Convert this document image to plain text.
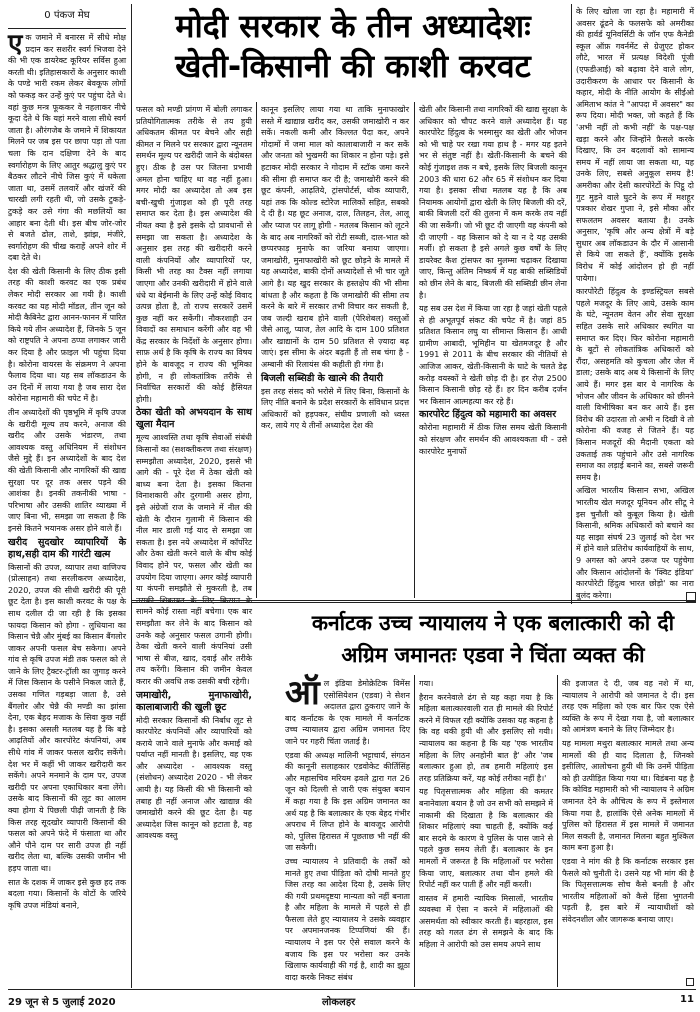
0 पंकज मेघ	मोदी सरकार के तीन अध्यादेशः
खेती-किसानी की काशी करवट

एक जमाने में बनारस में सीधे मोक्ष प्रदान कर सशरीर स्वर्ग भिजवा देने की भी एक डायरेक्ट कूरियर सर्विस हुआ करती थी। इतिहासकारों के अनुसार काशी के पण्डे भारी रकम लेकर बेवकूफ लोगों को फकड़ कर उन्हें कुएं पर पहुंचा देते थे। वहां कुछ मन्त्र फूककर वे नहलाकर नीचे कूदा देते थे कि यहां मरने वाला सीधे स्वर्ग जाता है। औरंगजेब के जमाने में शिकायत मिलने पर जब इस पर छापा पड़ा तो पता चला कि दान दक्षिणा देने के बाद स्वर्गारोहण के लिए आतुर श्रद्धालु कुएं पर बैठकर लौटने नीचे जिस कुएं में धकेला जाता था, उसमें तलवारें और खंजरें की चारखी लगी रहती थी, जो उसके टुकड़े-टुकड़े कर उसे गंगा की मछलियों का आहार बना देती थी। इस बीच जोर-जोर से बजते ढोल, ताशे, झांझ, मंजीरे, स्वर्गारोहण की चीख कराहें अपने शोर में दबा देते थे।

देश की खेती किसानी के लिए ठीक इसी तरह की काशी करवट का एक प्रबंध लेकर मोदी सरकार आ गयी है। काशी करवट का यह मोदी मॉडल, तीन जून को मोदी कैबिनेट द्वारा आनन-फानन में पारित किये गये तीन अध्यादेश हैं, जिनके 5 जून को राष्ट्रपति ने अपना ठप्पा लगाकर जारी कर दिया है और फ़ाइल भी पहुंचा दिया है। कोरोना वायरस के संक्रमण ने अपना फैलाव दिया था। यह सब लॉकडाउन के उन दिनों में लाया गया है जब सारा देश कोरोना महामारी की चपेट में है।

तीन अध्यादेशों की पृष्ठभूमि में कृषि उपज के खरीदी मूल्य तय करने, अनाज की खरीद और उसके भंडारण, तथा आवश्यक वस्तु अधिनियम में संशोधन जैसे मुद्दे हैं। इन अध्यादेशों के बाद देश की खेती किसानी और नागरिकों की खाद्य सुरक्षा पर दूर तक असर पड़ने की आशंका है। इनकी तकनीकी भाषा - परिभाषा और उसकी शातिर व्याख्या में जाए बिना भी, समझा जा सकता है कि इनसे कितने भयानक असर होने वाले हैं।

खरीद सुदखोर व्यापारियों के हाथ,सही दाम की गारंटी खत्म

किसानों की उपज, व्यापार तथा वाणिज्य (प्रोत्साहन) तथा सरलीकरण अध्यादेश, 2020, उपज की सीधी खरीदी की पूरी छूट देता है। इस काशी करवट के पक्ष के साथ दलील दी जा रही है कि इसका फायदा किसान को होगा - लुधियाना का किसान चेन्नै और मुंबई का किसान बैंगलोर जाकर अपनी फसल बेच सकेगा। अपने गांव से कृषि उपज मंडी तक फसल को ले जाने के लिए ट्रैक्टर-ट्रॉली का जुगाड़ करने में जिस किसान के पसीने निकल जाते हैं, उसका गणित गड़बड़ा जाता है, उसे बैंगलोर और चेन्नै की मण्डी का झांसा देना, एक बेहद मजाक के सिवा कुछ नहीं है। इसका असली मतलब यह है कि बड़े आढ़तियों और कारपोरेट कंपनियां, अब सीधे गांव में जाकर फसल खरीद सकेंगे। देश भर में कहीं भी जाकर खरीदारी कर सकेंगे। अपने मनमाने के दाम पर, उपज खरीदी पर अपना एकाधिकार बना लेंगे। उसके बाद किसानों की लूट का आलम क्या होगा ये पिछली पीढ़ी जानती है कि किस तरह सूदखोर व्यापारी किसानों की फसल को अपने फंदे में फंसाता था और औने पौने दाम पर सारी उपज ही नहीं खरीद लेता था, बल्कि उसकी जमीन भी हड़प जाता था।

सात के दशक में जाकर इसे कुछ हद तक बदला गया। किसानों के वोटों के जरिये कृषि उपज मंडियां बनाने,

फसल को मण्डी प्रांगण में बोली लगाकर प्रतियोगितात्मक तरीके से तय हुयी अधिकतम कीमत पर बेचने और सही कीमत न मिलने पर सरकार द्वारा न्यूनतम समर्थन मूल्य पर खरीदी जाने के बंदोबस्त हुए। ठीक है उस पर जितना प्रभावी अमल होना चाहिए था वह नहीं हुआ। मगर मोदी का अध्यादेश तो अब इस बची-खुची गुंजाइश को ही पूरी तरह समाप्त कर देता है। इस अध्यादेश की नीयत क्या है इसे इसके दो प्रावधानों से समझा जा सकता है। अध्यादेश के अनुसार इस तरह की खरीदारी करने वाली कंपनियों और व्यापारियों पर, किसी भी तरह का टैक्स नहीं लगाया जाएगा और उनकी खरीदारी में होने वाले धंधे या बेईमानी के लिए उन्हें कोई विवाद उत्पन्न होता है, तो राज्य सरकारें उसमें कुछ नहीं कर सकेंगी। नौकरशाही उन विवादों का समाधान करेंगी और वह भी केंद्र सरकार के निर्देशों के अनुसार होगा। साफ़ अर्थ है कि कृषि के राज्य का विषय होने के बावजूद न राज्य की भूमिका होगी, न ही लोकतांत्रिक तरीके से निर्वाचित सरकारों की कोई हैसियत होगी।

ठेका खेती को अभयदान के साथ खुला मैदान

मूल्य आश्वस्ति तथा कृषि सेवाओं संबंधी किसानों का (सशक्तीकरण तथा संरक्षण) सम्मझौता अध्यादेश, 2020, इससे भी आगे की - पूरे देश में ठेका खेती को बाध्य बना देता है। इसका कितना विनाशकारी और दुरगामी असर होगा, इसे अंग्रेजों राज के जमाने में नील की खेती के दौरान गुलामी में किसान की नील मार डाली गई याद से समझा जा सकता है। इस नये अध्यादेश में कॉर्पोरेट और ठेका खेती करने वाले के बीच कोई विवाद होने पर, फसल और खेती का उपयोग दिया जाएगा। अगर कोई व्यापारी या कंपनी समझौते से मुकरती है, तब सामने कोई रास्ता नहीं बचेगा। एक बार समझौता कर लेने के बाद किसान को उनके कहे अनुसार फसल उगानी होगी। ठेका खेती करने वाली कंपनियां उसी भाषा से बीज, खाद, दवाई और तरीके तय करेंगी। किसान की जमीन केवल करार की अवधि तक उसकी बची रहेगी।

जमाखोरी, मुनाफाखोरी, कालाबाजारी की खुली छूट

मोदी सरकार किसानों की निर्बाध लूट से कारपोरेट कंपनियों और व्यापारियों को कराये जाने वाले मुनाफे और कमाई को पर्याप्त नहीं मानती है। इसलिए, वह एक और अध्यादेश - आवश्यक वस्तु (संशोधन) अध्यादेश 2020 - भी लेकर आयी है। यह किसी की भी किसानी को तबाह ही नहीं अनाज और खाद्यान्न की जमाखोरी करने की छूट देता है। यह अध्यादेश जिस कानून को हटाता है, वह आवश्यक वस्तु

कानून इसलिए लाया गया था ताकि मुनाफाखोर सस्ते में खाद्यान्न खरीद कर, उसकी जमाखोरी न कर सकें। नकली कमी और किल्लत पैदा कर, अपने गोदामों में जमा माल को कालाबाजारी न कर सकें और जनता को भुखमरी का शिकार न होना पड़े। इसे हटाकर मोदी सरकार ने गोदाम में स्टॉक जमा करने की सीमा ही समाप्त कर दी है; जमाखोरी करने की छूट कंपनी, आढ़तिये, ट्रांसपोर्टर्स, थोक व्यापारी, यहां तक कि कोल्ड स्टोरेज मालिकों सहित, सबको दे दी है। यह छूट अनाज, दाल, तिलहन, तेल, आलू और प्याज पर लागू होगी - मतलब किसान को लूटने के बाद अब नागरिकों को रोटी सब्जी, दाल-भात को छप्परफाड़ मुनाफे का जरिया बनाया जाएगा। जमाखोरी, मुनाफाखोरी को छूट छोड़ने के मामले में यह अध्यादेश, बाकी दोनों अध्यादेशों से भी चार जूते आगे है। यह खुद सरकार के हस्तक्षेप की भी सीमा बांधता है और कहता है कि जमाखोरी की सीमा तय करने के बारे में सरकार तभी विचार कर सकती है, जब जल्दी खराब होने वाली (पेरिशेबल) वस्तुओं जैसे आलू, प्याज, तेल आदि के दाम 100 प्रतिशत और खाद्यानों के दाम 50 प्रतिशत से ज़्यादा बढ़ जाएं। इस सीमा के अंदर बढ़ती हैं तो सब चंगा है - अम्बानी की रिलायंस की कहीती ही गंगा है।

बिजली सब्सिडी के खात्मे की तैयारी

इस तरह संसद को भरोसे में लिए बिना, किसानों के लिए नीति बनाने के प्रदेश सरकारों के संविधान प्रदत्त अधिकारों को हड़पकर, संघीय प्रणाली को ध्वस्त कर, लाये गए ये तीनों अध्यादेश देश की

खेती और किसानी तथा नागरिकों की खाद्य सुरक्षा के अधिकार को चौपट करने वाले अध्यादेश हैं। यह कारपोरेट हिंदुत्व के भस्मासुर का खेती और भोजन को भी चाहे पर रखा गया हाथ है - मगर यह इतने भर से संतुष्ट नहीं है। खेती-किसानी के बचने की कोई गुंजाइश तक न बचे, इसके लिए बिजली कानून 2003 की धारा 62 और 65 में संशोधन कर दिया गया है। इसका सीधा मतलब यह है कि अब नियामक आयोगों द्वारा खेती के लिए बिजली की दरें, बाकी बिजली दरों की तुलना में कम करके तय नहीं की जा सकेंगी। जो भी छूट दी जाएगी वह कंपनी को दी जाएगी - वह किसान को दे या न दे यह उसकी मर्जी। हो सकता है इसे अगले कुछ वर्षों के लिए डायरेक्ट कैश ट्रांसफर का मुलम्मा चढ़ाकर दिखाया जाए, किन्तु अंतिम निष्कर्ष में यह बाकी सब्सिडियों को छीन लेने के बाद, बिजली की सब्सिडी छीन लेना है।

यह सब उस देश में किया जा रहा है जहां खेती पहले से ही अभूतपूर्व संकट की चपेट में है। जहां 85 प्रतिशत किसान लघु या सीमान्त किसान हैं। आधी ग्रामीण आबादी, भूमिहीन या खेतमजदूर है और 1991 से 2011 के बीच सरकार की नीतियों से आजिज आकर, खेती-किसानी के घाटे के चलते डेढ़ करोड़ वयस्कों ने खेती छोड़ दी है। हर रोज़ 2500 किसान किसानी छोड़ रहे हैं। हर दिन करीब दर्जन भर किसान आत्महत्या कर रहे हैं।

कारपोरेट हिंदुत्व को महामारी का अवसर

कोरोना महामारी में ठीक जिस समय खेती किसानी को संरक्षण और समर्थन की आवश्यकता थी - उसे कारपोरेट मुनाफों

के लिए खोला जा रहा है। महामारी में अवसर ढूंढने के फलसफे को अमरीका की हार्वर्ड यूनिवर्सिटी के जॉन एफ कैनेडी स्कूल ऑफ़ गवर्नमेंट से ग्रेजुएट होकर लौटे, भारत में प्रत्यक्ष विदेशी पूंजी (एफडीआई) को बढ़ावा देने वाले लोग, उदारीकरण के आधार पर किसानी के कहार, मोदी के नीति आयोग के सीईओ अमिताभ कांत ने "आपदा में अवसर" का रूप दिया। मोदी भक्त, जो कहते हैं कि 'अभी नहीं तो कभी नहीं' के पक्ष-पक्ष खड़ा करने और जिन्होंने फ़ैसले करके दिखाए, कि उन बदलावों को सामान्य समय में नहीं लाया जा सकता था, यह उनके लिए, सबसे अनुकूल समय है! अमरीका और देसी कारपोरेटों के पिट्ठू दो गुट मुड़ने वाले घुटने के रूप में मशहूर पत्रकार शेखर गुप्ता ने, इसे मौका और सफलतम अवसर बताया है। उनके अनुसार, 'कृषि और अन्य क्षेत्रों में बड़े सुधार अब लॉकडाउन के दौर में आसानी से किये जा सकते हैं', क्योंकि इसके विरोध में कोई आंदोलन हो ही नहीं पायेगा।

कारपोरेटी हिंदुत्व के इण्डस्ट्रियल सबसे पहले मजदूर के लिए आये, उसके काम के घंटे, न्यूनतम वेतन और सेवा सुरक्षा सहित उसके सारे अधिकार स्थगित या समाप्त कर दिए। फिर कोरोना महामारी के बूटों से लोकतांत्रिक अधिकारों को रौंदा, असहमति को कुचला और जेल में डाला; उसके बाद अब ये किसानों के लिए आये हैं। मगर इस बार ये नागरिक के भोजन और जीवन के अधिकार को छीनने वाली विभीषिका बन कर आये हैं। इस विरोध की उदारता तो अभी न दिखी वे तो कोरोना की वजह से जितने हैं। यह किसान मजदूरों की मैदानी एकता को उकताई तक पहुंचाने और उसे नागरिक समाज का लड़ाई बनाने का, सबसे जरूरी समय है।

अखिल भारतीय किसान सभा, अखिल भारतीय खेत मजदूर यूनियन और सीटू ने इस चुनौती को कुबूल किया है। खेती किसानी, श्रमिक अधिकारों को बचाने का यह साझा संघर्ष 23 जुलाई को देश भर में होने वाले प्रतिरोध कार्यवाहियों के साथ, 9 अगस्त को अपने उरूज पर पहुंचेगा और किसान आंदोलनों के 'क्विट इंडिया' कारपोरेटी हिंदुत्व भारत छोड़ो' का नारा बुलंद करेगा।

कर्नाटक उच्च न्यायालय ने एक बलात्कारी को दी
अग्रिम जमानतः एडवा ने चिंता व्यक्त की

ऑल इंडिया डेमोक्रेटिक विमेंस एसोसियेशन (एडवा) ने सेशन अदालत द्वारा ठुकराए जाने के बाद कर्नाटक के एक मामले में कर्नाटक उच्च न्यायालय द्वारा अग्रिम जमानत दिए जाने पर गहरी चिंता जताई है।

एडवा की अध्यक्ष मालिनी भट्टाचार्य, संगठन की कानूनी सलाहकार एडवोकेट कीर्तिसिंह और महासचिव मरियम ढ़वले द्वारा गत 26 जून को दिल्ली से जारी एक संयुक्त बयान में कहा गया है कि इस अग्रिम जमानत का अर्थ यह है कि बलात्कार के एक बेहद गंभीर अपराध में लिप्त होने के बावजूद आरोपी को, पुलिस हिरासत में पूछताछ भी नहीं की जा सकेगी।

उच्च न्यायालय ने प्रतिवादी के तर्कों को मानते हुए तथा पीड़िता को दोषी मानते हुए जिस तरह का आदेश दिया है, उसके लिए की गयी प्रथमदृष्टया मान्यता को नहीं बनाता है और महिला के मामले में पहले से ही फैसला लेते हुए न्यायालय ने उसके व्यवहार पर अपमानजनक टिप्पणियां की हैं। न्यायालय ने इस पर ऐसे सवाल करने के बजाय कि इस पर भरोसा कर उनके खिलाफ कार्यवाही की गई है, शादी का झूठा वादा करके निकट संबंध

गया।

हैरान करनेवाले ढंग से यह कहा गया है कि महिला बलात्कारवाली रात ही मामले की रिपोर्ट करने में विफल रही क्योंकि उसका यह कहना है कि वह थकी हुयी थी और इसलिए सो गयी। न्यायालय का कहना है कि यह 'एक भारतीय महिला के लिए अनहोनी बात है' और 'जब बलात्कार हुआ हो, तब हमारी महिलाएं इस तरह प्रतिक्रिया करें, यह कोई तरीका नहीं है।'

यह पितृसत्तात्मक और महिला की कमतर बनानेवाला बयान है जो उन सभी को समझने में नाकामी की दिखाता है कि बलात्कार की शिकार महिलाएं क्या चाहती हैं, क्योंकि कई बार सदमे के कारण वे पुलिस के पास जाने से पहले कुछ समय लेती हैं। बलात्कार के इन मामलों में जरूरत है कि महिलाओं पर भरोसा किया जाए, बलात्कार तथा यौन हमले की रिपोर्ट नहीं कर पाती हैं और नहीं करती।

वास्तव में हमारी न्यायिक मिसालों, भारतीय व्यवस्था में ऐसा न करने में महिलाओं की असमर्थता को स्वीकार करती हैं। बहरहाल, इस तरह को गलत ढंग से समझने के बाद कि महिला ने आरोपी को उस समय अपने साथ

की इजाजत दे दी, जब वह नशे में था, न्यायालय ने आरोपी को जमानत दे दी। इस तरह एक महिला को एक बार फिर एक ऐसे व्यक्ति के रूप में देखा गया है, जो बलात्कार को आमंत्रण बनाने के लिए जिम्मेदार है।

यह मामला मथुरा बलात्कार मामले तथा अन्य मामलों की ही याद दिलाता है, जिनको इसीलिए, आलोचना हुयी थी कि उनमें पीड़िता को ही उत्पीड़ित किया गया था। विडंबना यह है कि कोविड महामारी को भी न्यायालय ने अग्रिम जमानत देने के औचित्य के रूप में इस्तेमाल किया गया है, हालांकि ऐसे अनेक मामलों में पुलिस को हिरासत में इस मामले में जमानत मिल सकती है, जमानत मिलना बहुत मुश्किल काम बना हुआ है।

एडवा ने मांग की है कि कर्नाटक सरकार इस फैसले को चुनौती दे। उसने यह भी मांग की है कि पितृसत्तात्मक सोच कैसे बनती है और भारतीय महिलाओं को कैसे हिंसा भुगतनी पड़ती है, इस बारे में न्यायाधीशों को संवेदनशील और जागरूक बनाया जाए।

29 जून से 5 जुलाई 2020	लोकलहर	11
